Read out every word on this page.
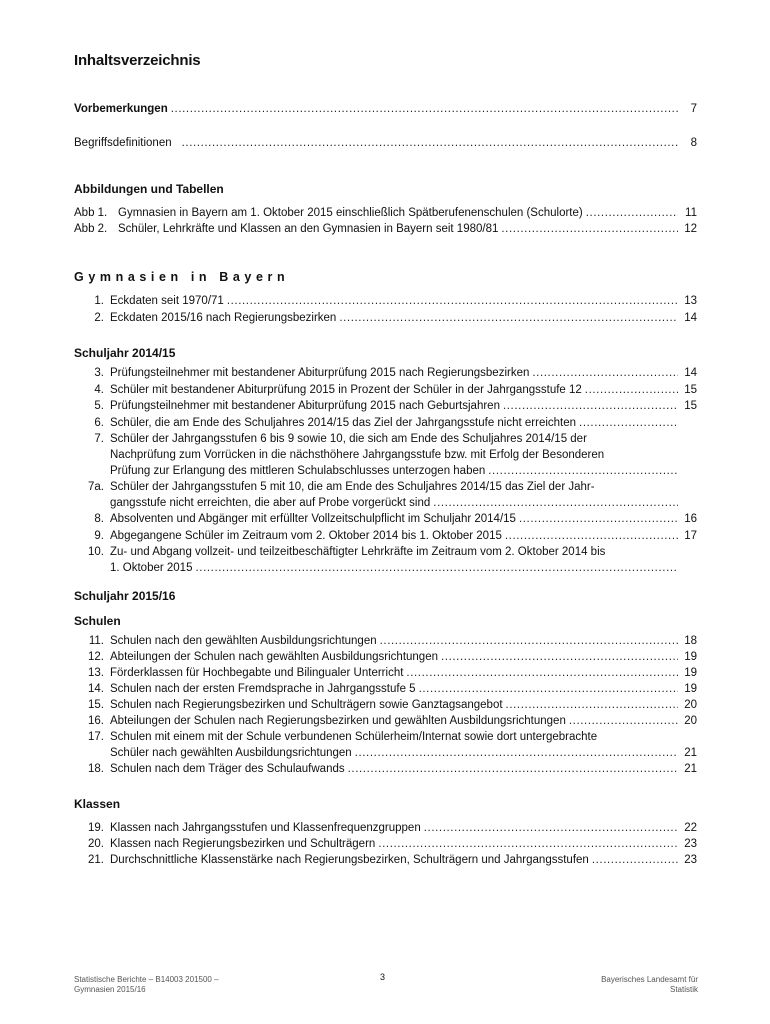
Inhaltsverzeichnis
Vorbemerkungen .....	7
Begriffsdefinitionen .....	8
Abbildungen und Tabellen
Abb 1. Gymnasien in Bayern am 1. Oktober 2015 einschließlich Spätberufenenschulen (Schulorte) .....	11
Abb 2. Schüler, Lehrkräfte und Klassen an den Gymnasien in Bayern seit 1980/81 .....	12
Gymnasien in Bayern
1. Eckdaten seit 1970/71 .....	13
2. Eckdaten 2015/16 nach Regierungsbezirken .....	14
Schuljahr 2014/15
3. Prüfungsteilnehmer mit bestandener Abiturprüfung 2015 nach Regierungsbezirken .....	14
4. Schüler mit bestandener Abiturprüfung 2015 in Prozent der Schüler in der Jahrgangsstufe 12 .....	15
5. Prüfungsteilnehmer mit bestandener Abiturprüfung 2015 nach Geburtsjahren .....	15
6. Schüler, die am Ende des Schuljahres 2014/15 das Ziel der Jahrgangsstufe nicht erreichten
.....
7. Schüler der Jahrgangsstufen 6 bis 9 sowie 10, die sich am Ende des Schuljahres 2014/15 der
Nachprüfung zum Vorrücken in die nächsthöhere Jahrgangsstufe bzw. mit Erfolg der Besonderen
Prüfung zur Erlangung des mittleren Schulabschlusses unterzogen haben
.....
7a. Schüler der Jahrgangsstufen 5 mit 10, die am Ende des Schuljahres 2014/15 das Ziel der Jahr-
gangsstufe nicht erreichten, die aber auf Probe vorgerückt sind
.....
8. Absolventen und Abgänger mit erfüllter Vollzeitschulpflicht im Schuljahr 2014/15 .....	16
9. Abgegangene Schüler im Zeitraum vom 2. Oktober 2014 bis 1. Oktober 2015 .....	17
10. Zu- und Abgang vollzeit- und teilzeitbeschäftigter Lehrkräfte im Zeitraum vom 2. Oktober 2014 bis
1. Oktober 2015
.....
Schuljahr 2015/16
Schulen
11. Schulen nach den gewählten Ausbildungsrichtungen .....	18
12. Abteilungen der Schulen nach gewählten Ausbildungsrichtungen .....	19
13. Förderklassen für Hochbegabte und Bilingualer Unterricht .....	19
14. Schulen nach der ersten Fremdsprache in Jahrgangsstufe 5 .....	19
15. Schulen nach Regierungsbezirken und Schulträgern sowie Ganztagsangebot .....	20
16. Abteilungen der Schulen nach Regierungsbezirken und gewählten Ausbildungsrichtungen .....	20
17. Schulen mit einem mit der Schule verbundenen Schülerheim/Internat sowie dort untergebrachte
Schüler nach gewählten Ausbildungsrichtungen .....	21
18. Schulen nach dem Träger des Schulaufwands .....	21
Klassen
19. Klassen nach Jahrgangsstufen und Klassenfrequenzgruppen .....	22
20. Klassen nach Regierungsbezirken und Schulträgern .....	23
21. Durchschnittliche Klassenstärke nach Regierungsbezirken, Schulträgern und Jahrgangsstufen .....	23
Statistische Berichte – B14003 201500 –
Gymnasien 2015/16
3	Bayerisches Landesamt für
Statistik
